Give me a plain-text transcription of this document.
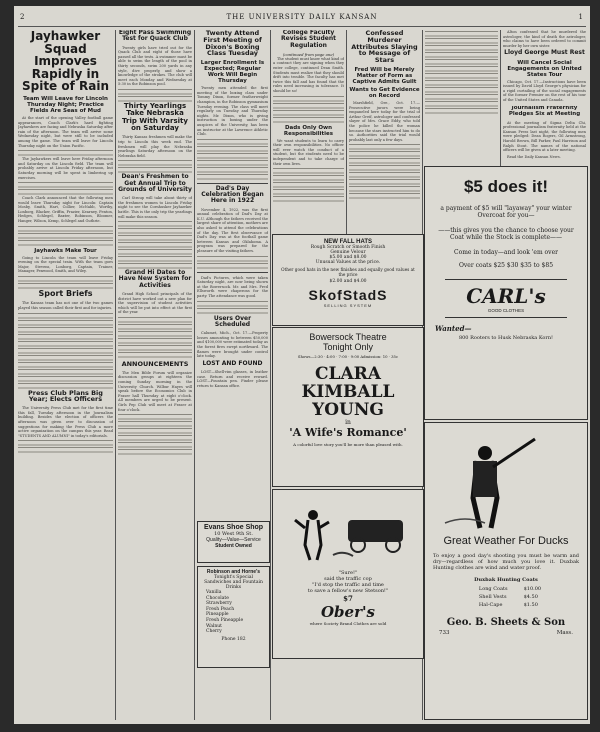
2	THE UNIVERSITY DAILY KANSAN	1
Jayhawker Squad Improves Rapidly in Spite of Rain
Team Will Leave for Lincoln Thursday Night; Practice Fields Are Seas of Mud

At the start of the opening Valley football game appearances, Coach Clark's hard fighting Jayhawkers are facing and Nebraska Saturday after rain of the afternoon. The team will arrive some Wednesday night, but were still to be included among the game. The team will leave for Lincoln Thursday night on the Union Pacific.

The Jayhawkers will leave here Friday afternoon and Saturday on the Lincoln field. The team will probably arrive at Lincoln Friday afternoon, but Saturday morning will be spent in limbering up exercises.

Coach Clark announced that the following men would leave Thursday night for Lincoln: Captain Mosby, Smith, Hart, Collier, McNabb, Worthy, Lonborg, Blacker, Griffin, Frazier, Kearney, Fenton, Hedges, Schlegel, Baxter, Robinson, Bloomer, Hanger, Wilson, Kemp, Schlegel and Guthrie.

Jayhawks Make Tour

Going to Lincoln the team will leave Friday evening on the special train. With the team goes Major, Stevens, Lonborg, Captain, Trainer, Manager, Fenwood, Smith, and Wiley.

Sport Briefs

The Kansas team has not one of the two games played this season called their first and for injuries.

Press Club Plans Big Year; Elects Officers

The University Press Club met for the first time this fall, Tuesday afternoon in the Journalism building. Besides the election of officers the afternoon was given over to discussion of suggestions for making the Press Club a more active organization on the campus this year. Read "STUDENTS AND ALUMNI" in today's editorials.

Eight Pass Swimming Test for Quack Club

Twenty girls have tried out for the Quack Club and eight of those have passed all the tests. A swimmer must be able to swim the length of the pool in thirty seconds, swim 200 yards in any style, dive properly, and show a knowledge of the strokes. The club will meet each Monday and Wednesday at 5:30 in the Robinson pool.

Thirty Yearlings Take Nebraska Trip With Varsity on Saturday

Thirty Kansas freshmen will make the trip to Lincoln this week end. The freshmen will play the Nebraska yearlings Saturday afternoon on the Nebraska field.

Dean's Freshmen to Get Annual Trip to Grounds of University

Carl Stroup will take about thirty of the freshmen women to Lincoln Friday night to see the Cornhusker Jayhawker battle. This is the only trip the yearlings will make this season.

Grand Hi Dates to Have New System for Activities

Grand High School principals of the district have worked out a new plan for the supervision of student activities which will be put into effect at the first of the year.

ANNOUNCEMENTS

The Men Bible Forum will organize discussion groups at eighteen the coming Sunday morning in the University Church. Wilbur Hayes will speak before the Economics Club in Fraser hall Thursday at eight o'clock. All members are urged to be present. Girls Pep Club will meet at Fraser at four o'clock.

Twenty Attend First Meeting of Dixon's Boxing Class Tuesday
Larger Enrollment Is Expected; Regular Work Will Begin Thursday

Twenty men attended the first meeting of the boxing class under Tommy Dixon, former featherweight champion, in the Robinson gymnasium Tuesday evening. The class will meet regularly on Tuesday and Thursday nights. Mr. Dixon, who is giving instruction in boxing under the auspices of the University, has been an instructor at the Lawrence Athletic Club.

Dad's Day Celebration Began Here in 1922

November 4, 1922, was the first annual celebration of Dad's Day at K.U. Although the fathers received the largest share of attention, mothers are also asked to attend the celebrations of the day. The first observance of Dad's Day was at the football game between Kansas and Oklahoma. A program was prepared for the pleasure of the visiting fathers.

Dad's Pictures, which were taken Saturday night, are now being shown at the Bowersock. Mr. and Mrs. Fred Ellsworth were chaperons for the party. The attendance was good.

Users Over Scheduled

Calumet, Mich., Oct. 17.—Property losses amounting to between $50,000 and $100,000 were estimated today as the forest fires swept northward. The flames were brought under control late today.

LOST AND FOUND

LOST—Shell-rim glasses, in leather case. Return and receive reward. LOST—Fountain pen. Finder please return to Kansan office.

Evans Shoe Shop
10 West 9th St.
Quality—Value—Service
Student Owned
Robinson and Horne's
Tonight's Special
Sandwiches and Fountain Drinks
Vanilla
Chocolate
Strawberry
Fresh Peach
Pineapple
Fresh Pineapple
Walnut
Cherry
Phone 182
College Faculty Revises Student Regulation
(continued from page one)

The student must know what kind of a contract they are signing when they enter college, continued Dean Smith. Students must realize that they should drift into trouble. The faculty has met twice this fall and has found that the rules need increasing in tolerance. It should be so!

Dads Only Own Responsibilities

We want students to learn to carry their own responsibilities. No officer will ever watch the conduct of a student, but the students need to be independent and to take charge of their own lives.

Confessed Murderer Attributes Slaying to Message of Stars
Fred Will be Merely Matter of Form as Captive Admits Guilt
Wants to Get Evidence on Record

Marshfield, Ore., Oct. 17.—Prosecutive jurors were being empaneled here today for the trial of Arthur Greif, astrologer and confessed slayer of Mrs. Grace Eddy, who told the police he killed the woman because the stars instructed him to do so. Authorities said the trial would probably last only a few days.

Alton confessed that he murdered the astrologer, the kind of death the astrologer, who claims to have been ordered to commit murder by her own sister.

Lloyd George Must Rest
Will Cancel Social Engagements on United States Tour

Chicago, Oct. 17.—Instructions have been issued by David Lloyd George's physician for a rigid curtailing of the social engagements of the former Premier on the rest of his tour of the United States and Canada.

Journalism Fraternity Pledges Six at Meeting

At the meeting of Sigma Delta Chi, professional journalism fraternity held at the Kansan Press last night, the following men were pledged: Dean Rogers, Gil Armstrong, Harold Brown, Bill Parker, Paul Harrison and Ralph Stout. The names of the national officers will be given at a later meeting.

Read the Daily Kansan News.

NEW FALL HATS
Rough Scratch or Smooth Finish
Genuine Velour
$5.00 and $8.00
Unusual Values at the price.
Other good hats in the new finishes and equally good values at the price
$2.00 and $4.00
SkofStadS
SELLING SYSTEM
Bowersock Theatre
Tonight Only
Shows—2:30 · 4:00 · 7:00 · 9:00 Admission: 10 · 35c
CLARA
KIMBALL
YOUNG
in
'A Wife's Romance'
A colorful love story you'll be more than pleased with.
"Sure!"
said the traffic cop
"I'd stop the traffic and time
to save a fellow's new Stetson!"
$7
Ober's
where Society Brand Clothes are sold
$5 does it!
a payment of $5 will "layaway" your winter Overcoat for you—
——this gives you the chance to choose your Coat while the Stock is complete——
Come in today—and look 'em over
Over coats $25 $30 $35 to $85
CARL's
GOOD CLOTHES
Wanted—
800 Rooters to Husk Nebraska Korn!
Great Weather For Ducks
To enjoy a good day's shooting you must be warm and dry—regardless of how much you love it. Duxbak Hunting clothes are wind and water proof.
Duxbak Hunting Coats
Long Coats	$10.00
Shell Vests	$4.50
Hal-Cape	$1.50
Geo. B. Sheets & Son
733	Mass.
